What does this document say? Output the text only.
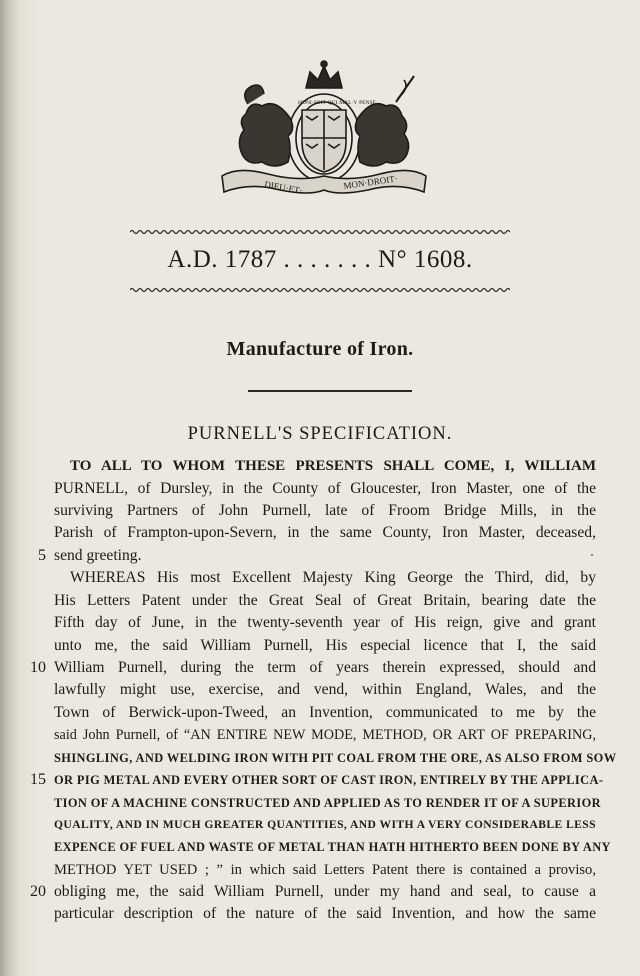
DIEU·ET·	MON·DROIT·
HONI·SOIT·QUI·MAL·Y·PENSE
A.D. 1787 . . . . . . . N° 1608.
Manufacture of Iron.
PURNELL'S SPECIFICATION.
TO ALL TO WHOM THESE PRESENTS SHALL COME, I, WILLIAM
PURNELL, of Dursley, in the County of Gloucester, Iron Master, one of the
surviving Partners of John Purnell, late of Froom Bridge Mills, in the
Parish of Frampton-upon-Severn, in the same County, Iron Master, deceased,
send greeting.
WHEREAS His most Excellent Majesty King George the Third, did, by
His Letters Patent under the Great Seal of Great Britain, bearing date the
Fifth day of June, in the twenty-seventh year of His reign, give and grant
unto me, the said William Purnell, His especial licence that I, the said
William Purnell, during the term of years therein expressed, should and
lawfully might use, exercise, and vend, within England, Wales, and the
Town of Berwick-upon-Tweed, an Invention, communicated to me by the
said John Purnell, of “AN ENTIRE NEW MODE, METHOD, OR ART OF PREPARING,
SHINGLING, AND WELDING IRON WITH PIT COAL FROM THE ORE, AS ALSO FROM SOW
OR PIG METAL AND EVERY OTHER SORT OF CAST IRON, ENTIRELY BY THE APPLICA-
TION OF A MACHINE CONSTRUCTED AND APPLIED AS TO RENDER IT OF A SUPERIOR
QUALITY, AND IN MUCH GREATER QUANTITIES, AND WITH A VERY CONSIDERABLE LESS
EXPENCE OF FUEL AND WASTE OF METAL THAN HATH HITHERTO BEEN DONE BY ANY
METHOD YET USED ; ” in which said Letters Patent there is contained a proviso,
obliging me, the said William Purnell, under my hand and seal, to cause a
particular description of the nature of the said Invention, and how the same
5
10
15
20
